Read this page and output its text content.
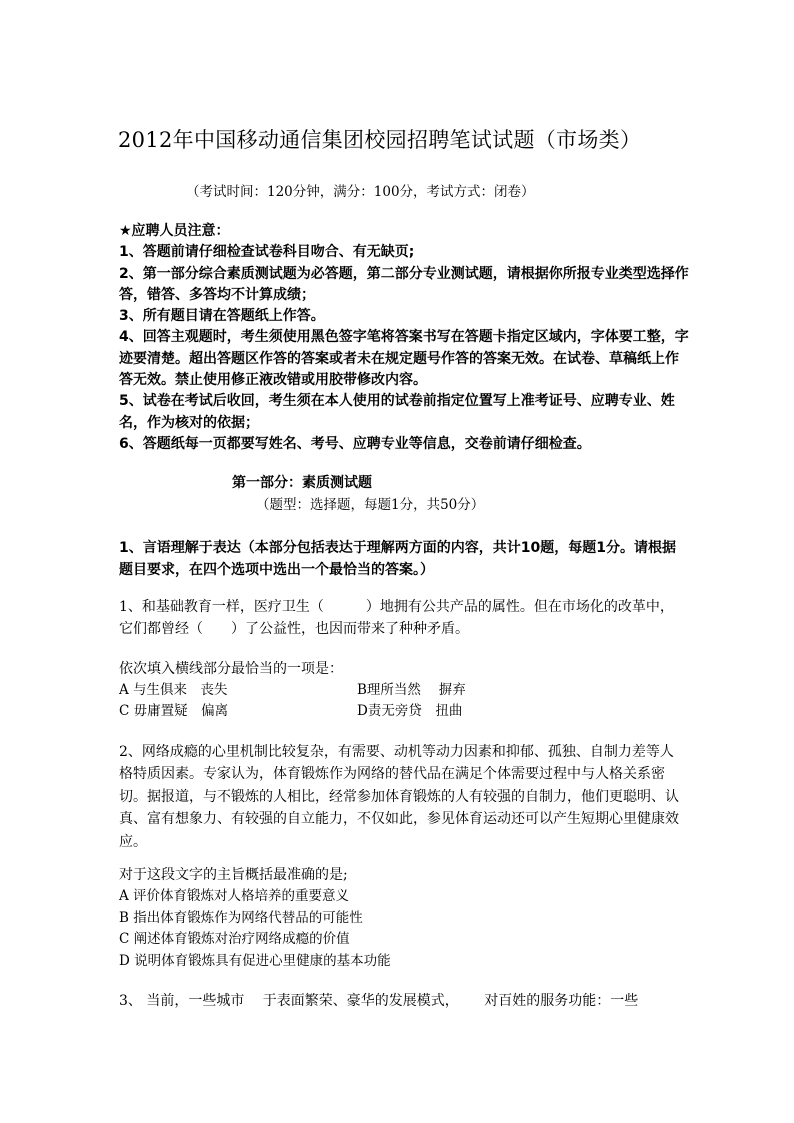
2012年中国移动通信集团校园招聘笔试试题（市场类）
（考试时间：120分钟，满分：100分，考试方式：闭卷）
★应聘人员注意：
1、答题前请仔细检查试卷科目吻合、有无缺页;
2、第一部分综合素质测试题为必答题，第二部分专业测试题，请根据你所报专业类型选择作答，错答、多答均不计算成绩；
3、所有题目请在答题纸上作答。
4、回答主观题时，考生须使用黑色签字笔将答案书写在答题卡指定区域内，字体要工整，字迹要清楚。超出答题区作答的答案或者未在规定题号作答的答案无效。在试卷、草稿纸上作答无效。禁止使用修正液改错或用胶带修改内容。
5、试卷在考试后收回，考生须在本人使用的试卷前指定位置写上准考证号、应聘专业、姓名，作为核对的依据；
6、答题纸每一页都要写姓名、考号、应聘专业等信息，交卷前请仔细检查。
第一部分：素质测试题
（题型：选择题，每题1分，共50分）
1、言语理解于表达（本部分包括表达于理解两方面的内容，共计10题，每题1分。请根据题目要求，在四个选项中选出一个最恰当的答案。）
1、和基础教育一样，医疗卫生（　　　）地拥有公共产品的属性。但在市场化的改革中，它们都曾经（　　）了公益性，也因而带来了种种矛盾。
依次填入横线部分最恰当的一项是：
A 与生俱来　丧失	B理所当然　 摒弃
C 毋庸置疑　偏离	D责无旁贷　扭曲
2、网络成瘾的心里机制比较复杂，有需要、动机等动力因素和抑郁、孤独、自制力差等人格特质因素。专家认为，体育锻炼作为网络的替代品在满足个体需要过程中与人格关系密切。据报道，与不锻炼的人相比，经常参加体育锻炼的人有较强的自制力，他们更聪明、认真、富有想象力、有较强的自立能力，不仅如此，参见体育运动还可以产生短期心里健康效应。
对于这段文字的主旨概括最准确的是;
A 评价体育锻炼对人格培养的重要意义
B 指出体育锻炼作为网络代替品的可能性
C 阐述体育锻炼对治疗网络成瘾的价值
D 说明体育锻炼具有促进心里健康的基本功能
3、 当前，一些城市　 于表面繁荣、豪华的发展模式，　　 对百姓的服务功能：一些
